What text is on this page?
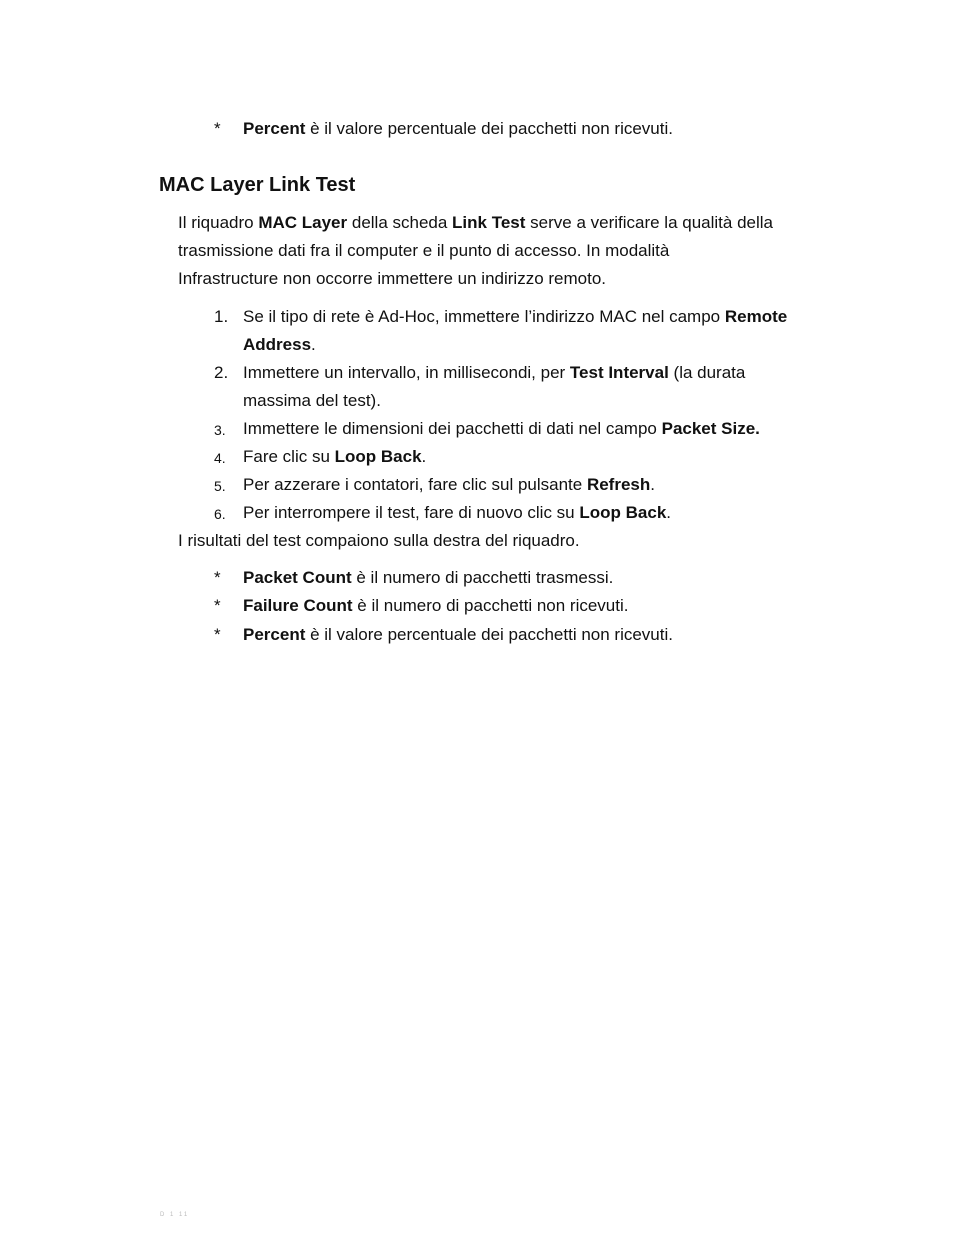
*	Percent è il valore percentuale dei pacchetti non ricevuti.
MAC Layer Link Test
Il riquadro MAC Layer della scheda Link Test serve a verificare la qualità della
trasmissione dati fra il computer e il punto di accesso. In modalità
Infrastructure non occorre immettere un indirizzo remoto.
1. Se il tipo di rete è Ad-Hoc, immettere l’indirizzo MAC nel campo Remote
Address.
2. Immettere un intervallo, in millisecondi, per Test Interval (la durata
massima del test).
3.	Immettere le dimensioni dei pacchetti di dati nel campo Packet Size.
4.	Fare clic su Loop Back.
5.	Per azzerare i contatori, fare clic sul pulsante Refresh.
6.	Per interrompere il test, fare di nuovo clic su Loop Back.
I risultati del test compaiono sulla destra del riquadro.
*	Packet Count è il numero di pacchetti trasmessi.
*	Failure Count è il numero di pacchetti non ricevuti.
*	Percent è il valore percentuale dei pacchetti non ricevuti.
D 1 11
